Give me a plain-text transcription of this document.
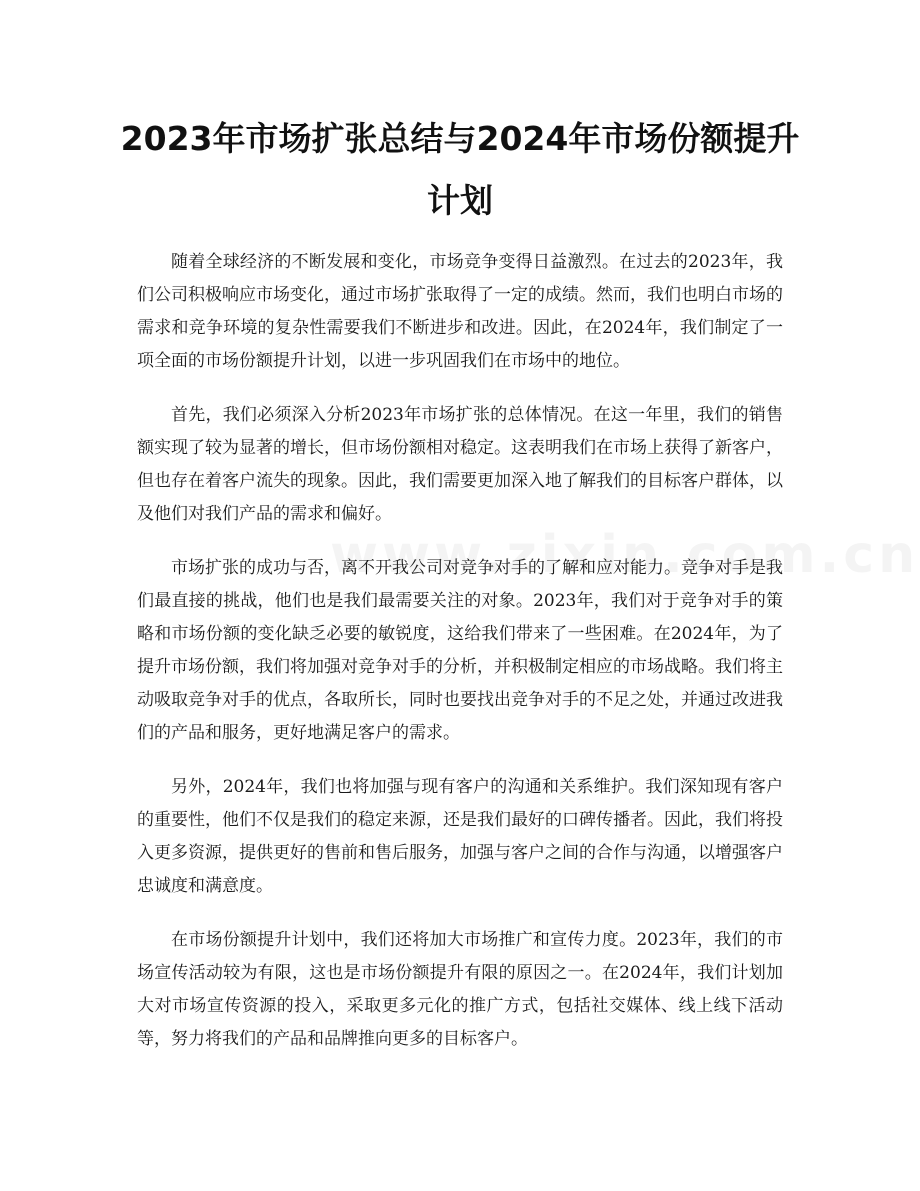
2023年市场扩张总结与2024年市场份额提升计划

随着全球经济的不断发展和变化，市场竞争变得日益激烈。在过去的2023年，我们公司积极响应市场变化，通过市场扩张取得了一定的成绩。然而，我们也明白市场的需求和竞争环境的复杂性需要我们不断进步和改进。因此，在2024年，我们制定了一项全面的市场份额提升计划，以进一步巩固我们在市场中的地位。

首先，我们必须深入分析2023年市场扩张的总体情况。在这一年里，我们的销售额实现了较为显著的增长，但市场份额相对稳定。这表明我们在市场上获得了新客户，但也存在着客户流失的现象。因此，我们需要更加深入地了解我们的目标客户群体，以及他们对我们产品的需求和偏好。

市场扩张的成功与否，离不开我公司对竞争对手的了解和应对能力。竞争对手是我们最直接的挑战，他们也是我们最需要关注的对象。2023年，我们对于竞争对手的策略和市场份额的变化缺乏必要的敏锐度，这给我们带来了一些困难。在2024年，为了提升市场份额，我们将加强对竞争对手的分析，并积极制定相应的市场战略。我们将主动吸取竞争对手的优点，各取所长，同时也要找出竞争对手的不足之处，并通过改进我们的产品和服务，更好地满足客户的需求。

另外，2024年，我们也将加强与现有客户的沟通和关系维护。我们深知现有客户的重要性，他们不仅是我们的稳定来源，还是我们最好的口碑传播者。因此，我们将投入更多资源，提供更好的售前和售后服务，加强与客户之间的合作与沟通，以增强客户忠诚度和满意度。

在市场份额提升计划中，我们还将加大市场推广和宣传力度。2023年，我们的市场宣传活动较为有限，这也是市场份额提升有限的原因之一。在2024年，我们计划加大对市场宣传资源的投入，采取更多元化的推广方式，包括社交媒体、线上线下活动等，努力将我们的产品和品牌推向更多的目标客户。
